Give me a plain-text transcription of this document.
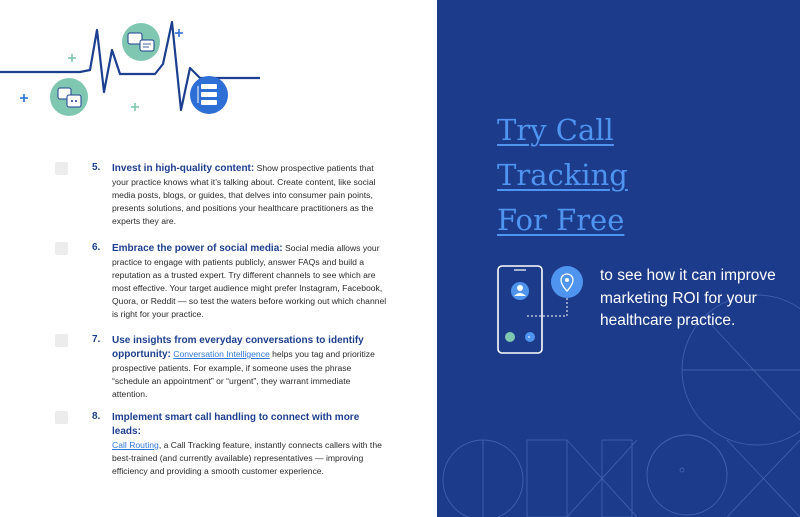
5. Invest in high-quality content: Show prospective patients that your practice knows what it’s talking about. Create content, like social media posts, blogs, or guides, that delves into consumer pain points, presents solutions, and positions your healthcare practitioners as the experts they are.
6. Embrace the power of social media: Social media allows your practice to engage with patients publicly, answer FAQs and build a reputation as a trusted expert. Try different channels to see which are most effective. Your target audience might prefer Instagram, Facebook, Quora, or Reddit — so test the waters before working out which channel is right for your practice.
7. Use insights from everyday conversations to identify opportunity: Conversation Intelligence helps you tag and prioritize prospective patients. For example, if someone uses the phrase “schedule an appointment” or “urgent”, they warrant immediate attention.
8. Implement smart call handling to connect with more leads:
Call Routing, a Call Tracking feature, instantly connects callers with the best-trained (and currently available) representatives — improving efficiency and providing a smooth customer experience.
Try Call
Tracking
For Free
to see how it can improve marketing ROI for your healthcare practice.
